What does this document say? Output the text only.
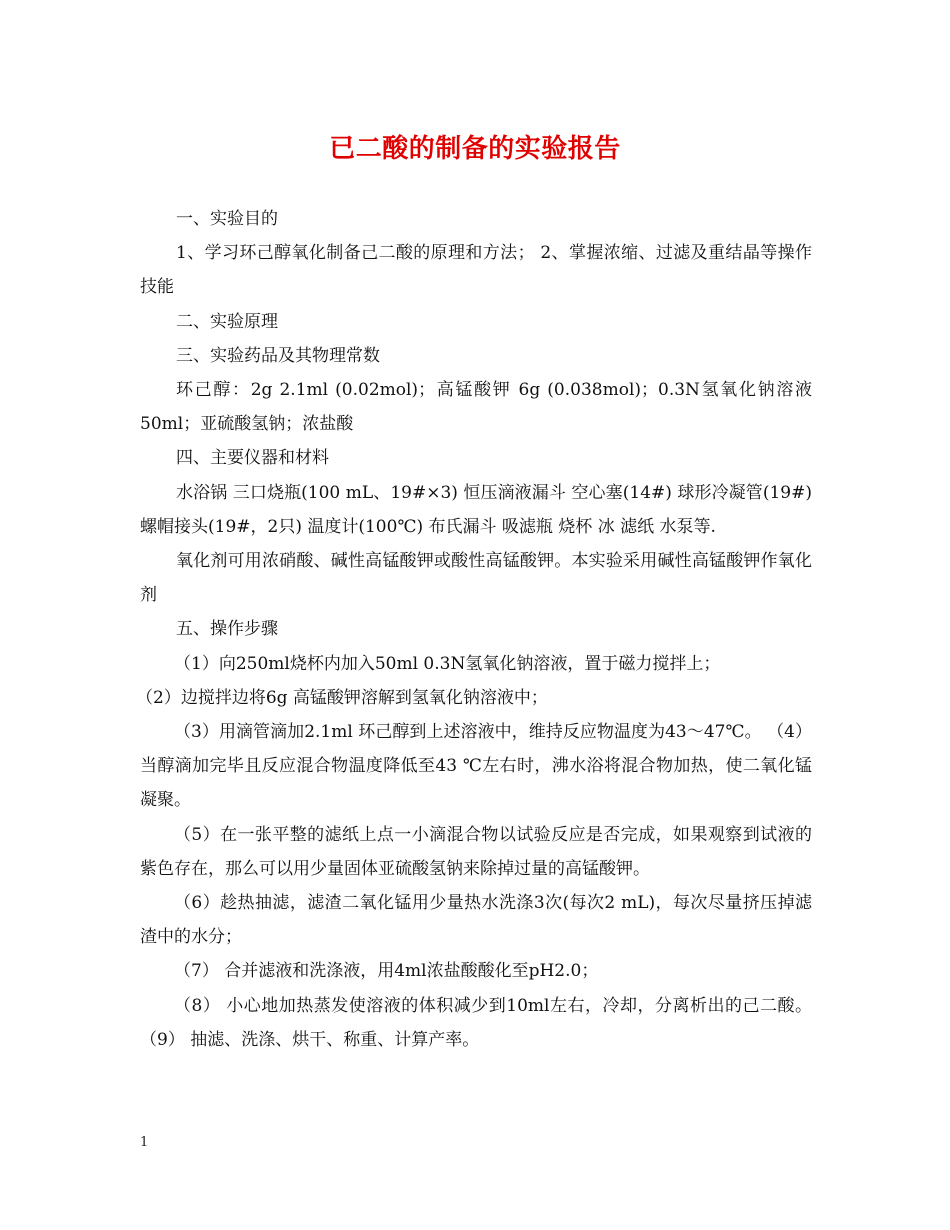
已二酸的制备的实验报告

一、实验目的

1、学习环己醇氧化制备己二酸的原理和方法； 2、掌握浓缩、过滤及重结晶等操作技能

二、实验原理

三、实验药品及其物理常数

环己醇：2g 2.1ml (0.02mol)；高锰酸钾 6g (0.038mol)；0.3N氢氧化钠溶液 50ml；亚硫酸氢钠；浓盐酸

四、主要仪器和材料

水浴锅 三口烧瓶(100 mL、19#×3) 恒压滴液漏斗 空心塞(14#) 球形冷凝管(19#) 螺帽接头(19#，2只) 温度计(100℃) 布氏漏斗 吸滤瓶 烧杯 冰 滤纸 水泵等.

氧化剂可用浓硝酸、碱性高锰酸钾或酸性高锰酸钾。本实验采用碱性高锰酸钾作氧化剂

五、操作步骤

（1）向250ml烧杯内加入50ml 0.3N氢氧化钠溶液，置于磁力搅拌上；

（2）边搅拌边将6g 高锰酸钾溶解到氢氧化钠溶液中；

（3）用滴管滴加2.1ml 环己醇到上述溶液中，维持反应物温度为43～47℃。 （4）当醇滴加完毕且反应混合物温度降低至43 ℃左右时，沸水浴将混合物加热，使二氧化锰凝聚。

（5）在一张平整的滤纸上点一小滴混合物以试验反应是否完成，如果观察到试液的紫色存在，那么可以用少量固体亚硫酸氢钠来除掉过量的高锰酸钾。

（6）趁热抽滤，滤渣二氧化锰用少量热水洗涤3次(每次2 mL)，每次尽量挤压掉滤渣中的水分；

（7） 合并滤液和洗涤液，用4ml浓盐酸酸化至pH2.0；

（8） 小心地加热蒸发使溶液的体积减少到10ml左右，冷却，分离析出的己二酸。 （9） 抽滤、洗涤、烘干、称重、计算产率。

1
